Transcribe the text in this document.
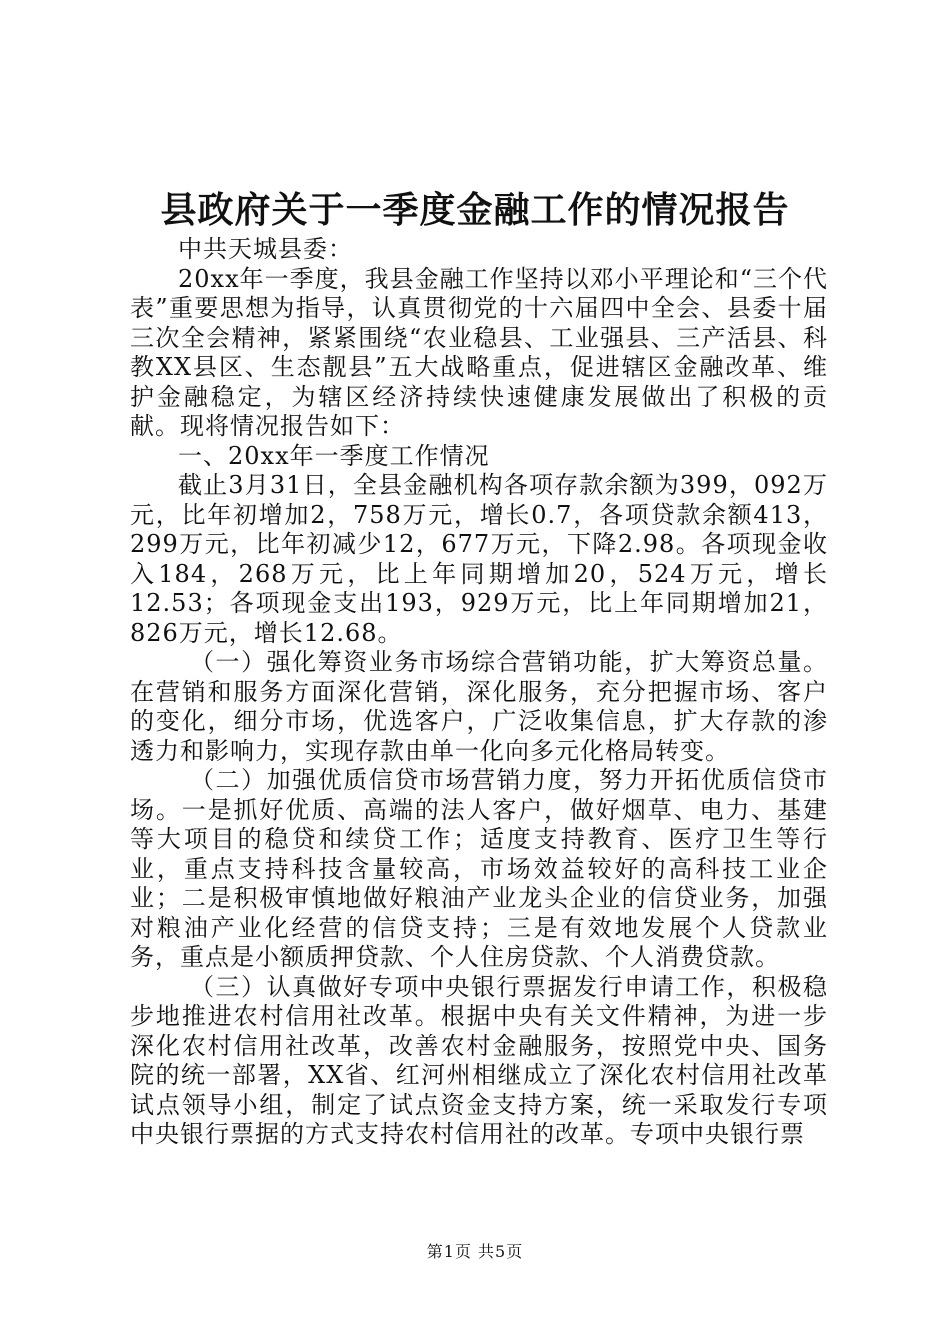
县政府关于一季度金融工作的情况报告

中共天城县委：

20xx年一季度，我县金融工作坚持以邓小平理论和“三个代表”重要思想为指导，认真贯彻党的十六届四中全会、县委十届三次全会精神，紧紧围绕“农业稳县、工业强县、三产活县、科教XX县区、生态靓县”五大战略重点，促进辖区金融改革、维护金融稳定，为辖区经济持续快速健康发展做出了积极的贡献。现将情况报告如下：

一、20xx年一季度工作情况

截止3月31日，全县金融机构各项存款余额为399，092万元，比年初增加2，758万元，增长0.7，各项贷款余额413，299万元，比年初减少12，677万元，下降2.98。各项现金收入184，268万元，比上年同期增加20，524万元，增长12.53；各项现金支出193，929万元，比上年同期增加21，826万元，增长12.68。

（一）强化筹资业务市场综合营销功能，扩大筹资总量。在营销和服务方面深化营销，深化服务，充分把握市场、客户的变化，细分市场，优选客户，广泛收集信息，扩大存款的渗透力和影响力，实现存款由单一化向多元化格局转变。

（二）加强优质信贷市场营销力度，努力开拓优质信贷市场。一是抓好优质、高端的法人客户，做好烟草、电力、基建等大项目的稳贷和续贷工作；适度支持教育、医疗卫生等行业，重点支持科技含量较高，市场效益较好的高科技工业企业；二是积极审慎地做好粮油产业龙头企业的信贷业务，加强对粮油产业化经营的信贷支持；三是有效地发展个人贷款业务，重点是小额质押贷款、个人住房贷款、个人消费贷款。

（三）认真做好专项中央银行票据发行申请工作，积极稳步地推进农村信用社改革。根据中央有关文件精神，为进一步深化农村信用社改革，改善农村金融服务，按照党中央、国务院的统一部署，XX省、红河州相继成立了深化农村信用社改革试点领导小组，制定了试点资金支持方案，统一采取发行专项中央银行票据的方式支持农村信用社的改革。专项中央银行票

第1页 共5页
